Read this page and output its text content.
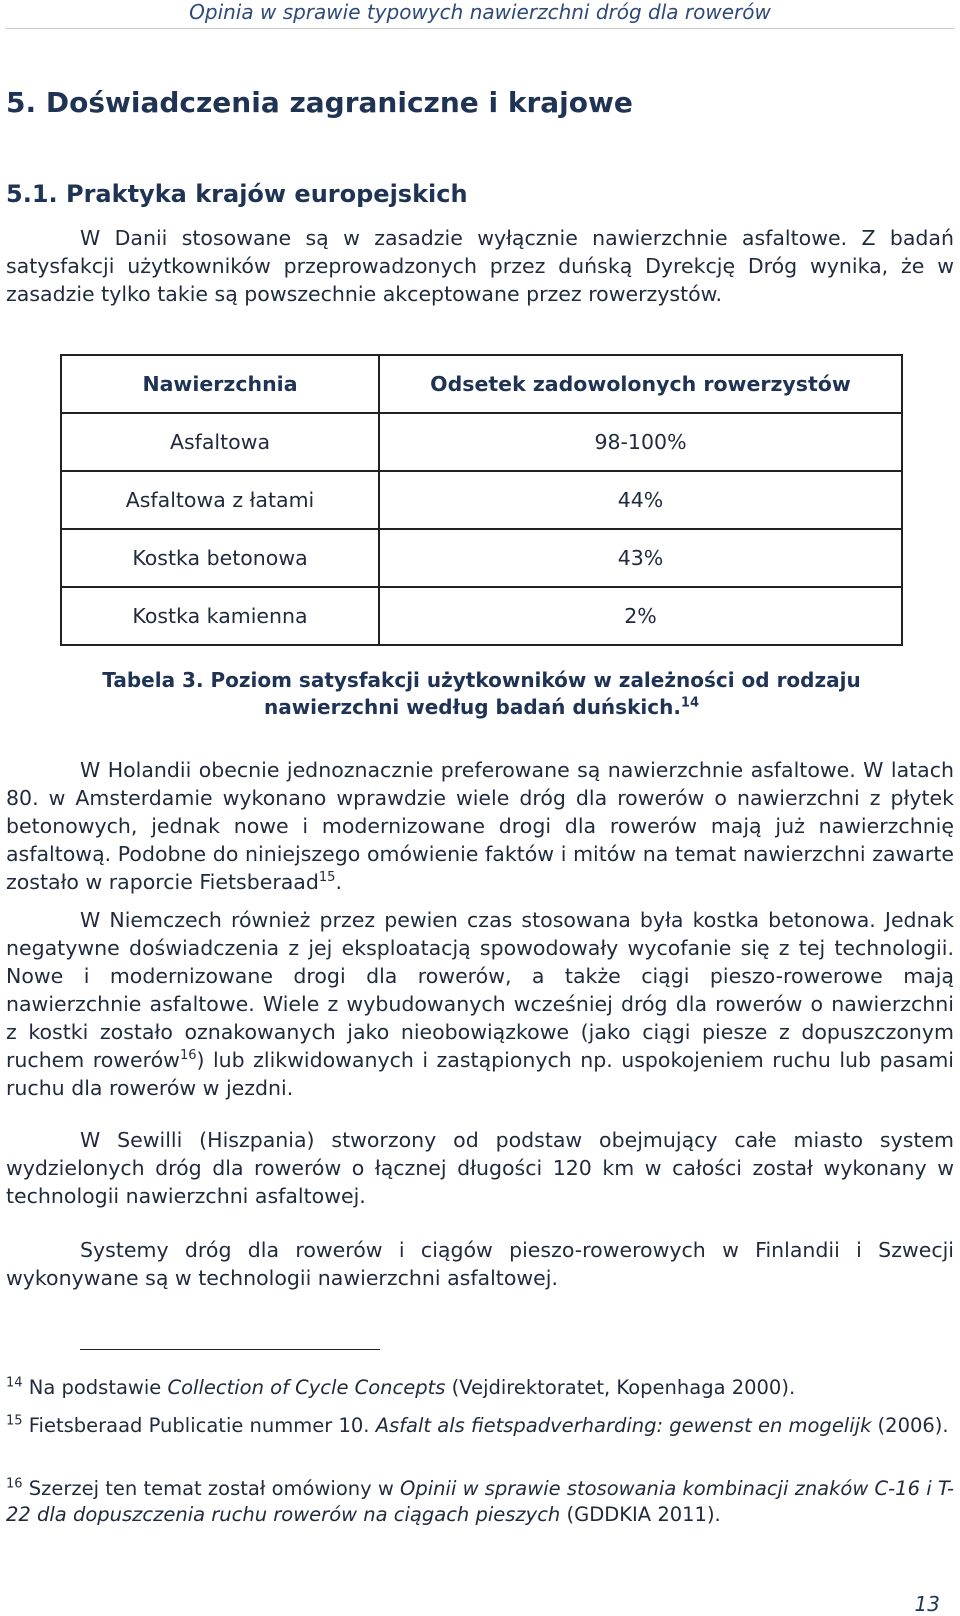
Opinia w sprawie typowych nawierzchni dróg dla rowerów
5. Doświadczenia zagraniczne i krajowe
5.1. Praktyka krajów europejskich

W Danii stosowane są w zasadzie wyłącznie nawierzchnie asfaltowe. Z badań satysfakcji użytkowników przeprowadzonych przez duńską Dyrekcję Dróg wynika, że w zasadzie tylko takie są powszechnie akceptowane przez rowerzystów.

Nawierzchnia	Odsetek zadowolonych rowerzystów
Asfaltowa	98-100%
Asfaltowa z łatami	44%
Kostka betonowa	43%
Kostka kamienna	2%
Tabela 3. Poziom satysfakcji użytkowników w zależności od rodzaju nawierzchni według badań duńskich.$^{14}$

W Holandii obecnie jednoznacznie preferowane są nawierzchnie asfaltowe. W latach 80. w Amsterdamie wykonano wprawdzie wiele dróg dla rowerów o nawierzchni z płytek betonowych, jednak nowe i modernizowane drogi dla rowerów mają już nawierzchnię asfaltową. Podobne do niniejszego omówienie faktów i mitów na temat nawierzchni zawarte zostało w raporcie Fietsberaad$^{15}$.

W Niemczech również przez pewien czas stosowana była kostka betonowa. Jednak negatywne doświadczenia z jej eksploatacją spowodowały wycofanie się z tej technologii. Nowe i modernizowane drogi dla rowerów, a także ciągi pieszo-rowerowe mają nawierzchnie asfaltowe. Wiele z wybudowanych wcześniej dróg dla rowerów o nawierzchni z kostki zostało oznakowanych jako nieobowiązkowe (jako ciągi piesze z dopuszczonym ruchem rowerów$^{16}$) lub zlikwidowanych i zastąpionych np. uspokojeniem ruchu lub pasami ruchu dla rowerów w jezdni.

W Sewilli (Hiszpania) stworzony od podstaw obejmujący całe miasto system wydzielonych dróg dla rowerów o łącznej długości 120 km w całości został wykonany w technologii nawierzchni asfaltowej.

Systemy dróg dla rowerów i ciągów pieszo-rowerowych w Finlandii i Szwecji wykonywane są w technologii nawierzchni asfaltowej.

$^{14}$ Na podstawie Collection of Cycle Concepts (Vejdirektoratet, Kopenhaga 2000).

$^{15}$ Fietsberaad Publicatie nummer 10. Asfalt als fietspadverharding: gewenst en mogelijk (2006).

$^{16}$ Szerzej ten temat został omówiony w Opinii w sprawie stosowania kombinacji znaków C-16 i T-22 dla dopuszczenia ruchu rowerów na ciągach pieszych (GDDKIA 2011).

13
